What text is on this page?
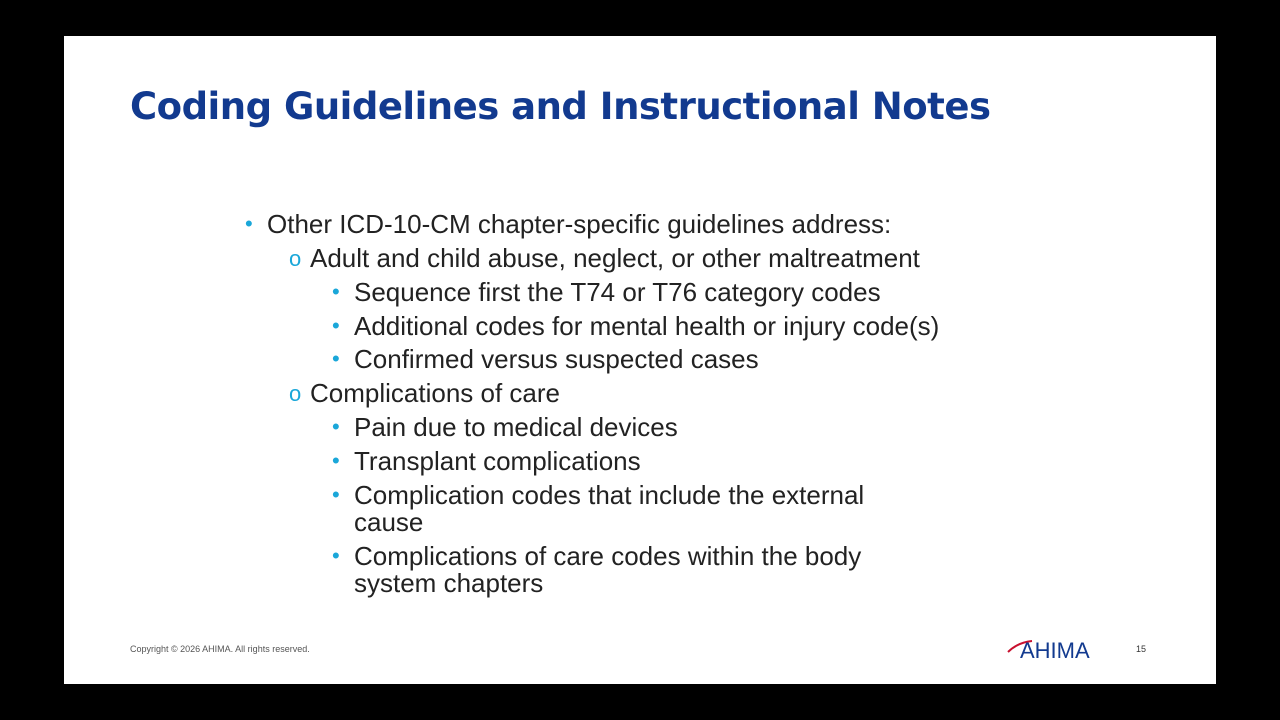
Coding Guidelines and Instructional Notes
• Other ICD-10-CM chapter-specific guidelines address:
o Adult and child abuse, neglect, or other maltreatment
• Sequence first the T74 or T76 category codes
• Additional codes for mental health or injury code(s)
• Confirmed versus suspected cases
o Complications of care
• Pain due to medical devices
• Transplant complications
• Complication codes that include the external
cause
• Complications of care codes within the body
system chapters
Copyright © 2026 AHIMA. All rights reserved.	AHIMA	15
